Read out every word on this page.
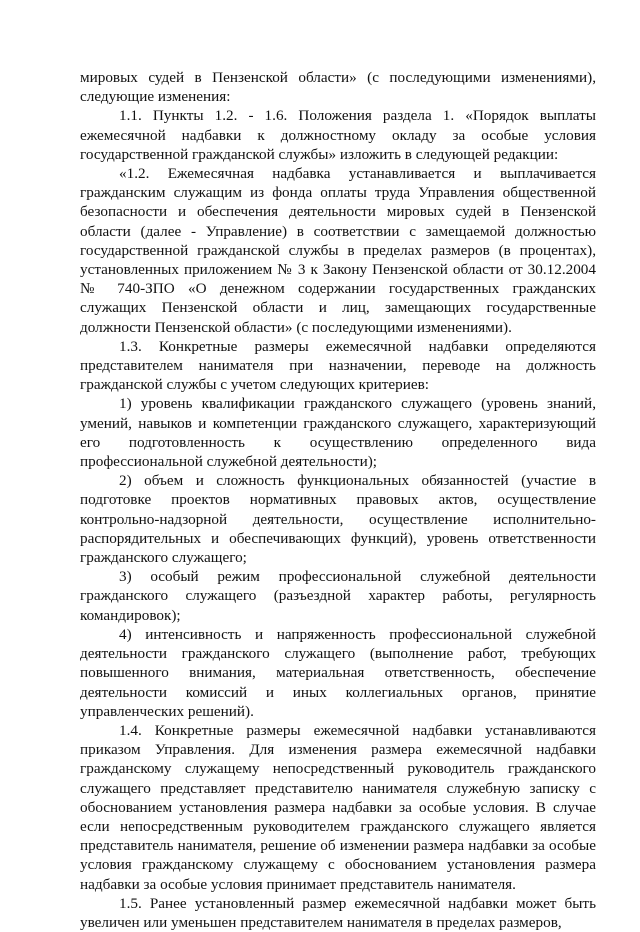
мировых судей в Пензенской области» (с последующими изменениями), следующие изменения:

1.1. Пункты 1.2. - 1.6. Положения раздела 1. «Порядок выплаты ежемесячной надбавки к должностному окладу за особые условия государственной гражданской службы» изложить в следующей редакции:

«1.2. Ежемесячная надбавка устанавливается и выплачивается гражданским служащим из фонда оплаты труда Управления общественной безопасности и обеспечения деятельности мировых судей в Пензенской области (далее - Управление) в соответствии с замещаемой должностью государственной гражданской службы в пределах размеров (в процентах), установленных приложением № 3 к Закону Пензенской области от 30.12.2004 № 740-ЗПО «О денежном содержании государственных гражданских служащих Пензенской области и лиц, замещающих государственные должности Пензенской области» (с последующими изменениями).

1.3. Конкретные размеры ежемесячной надбавки определяются представителем нанимателя при назначении, переводе на должность гражданской службы с учетом следующих критериев:

1) уровень квалификации гражданского служащего (уровень знаний, умений, навыков и компетенции гражданского служащего, характеризующий его подготовленность к осуществлению определенного вида профессиональной служебной деятельности);

2) объем и сложность функциональных обязанностей (участие в подготовке проектов нормативных правовых актов, осуществление контрольно-надзорной деятельности, осуществление исполнительно-распорядительных и обеспечивающих функций), уровень ответственности гражданского служащего;

3) особый режим профессиональной служебной деятельности гражданского служащего (разъездной характер работы, регулярность командировок);

4) интенсивность и напряженность профессиональной служебной деятельности гражданского служащего (выполнение работ, требующих повышенного внимания, материальная ответственность, обеспечение деятельности комиссий и иных коллегиальных органов, принятие управленческих решений).

1.4. Конкретные размеры ежемесячной надбавки устанавливаются приказом Управления. Для изменения размера ежемесячной надбавки гражданскому служащему непосредственный руководитель гражданского служащего представляет представителю нанимателя служебную записку с обоснованием установления размера надбавки за особые условия. В случае если непосредственным руководителем гражданского служащего является представитель нанимателя, решение об изменении размера надбавки за особые условия гражданскому служащему с обоснованием установления размера надбавки за особые условия принимает представитель нанимателя.

1.5. Ранее установленный размер ежемесячной надбавки может быть увеличен или уменьшен представителем нанимателя в пределах размеров,
